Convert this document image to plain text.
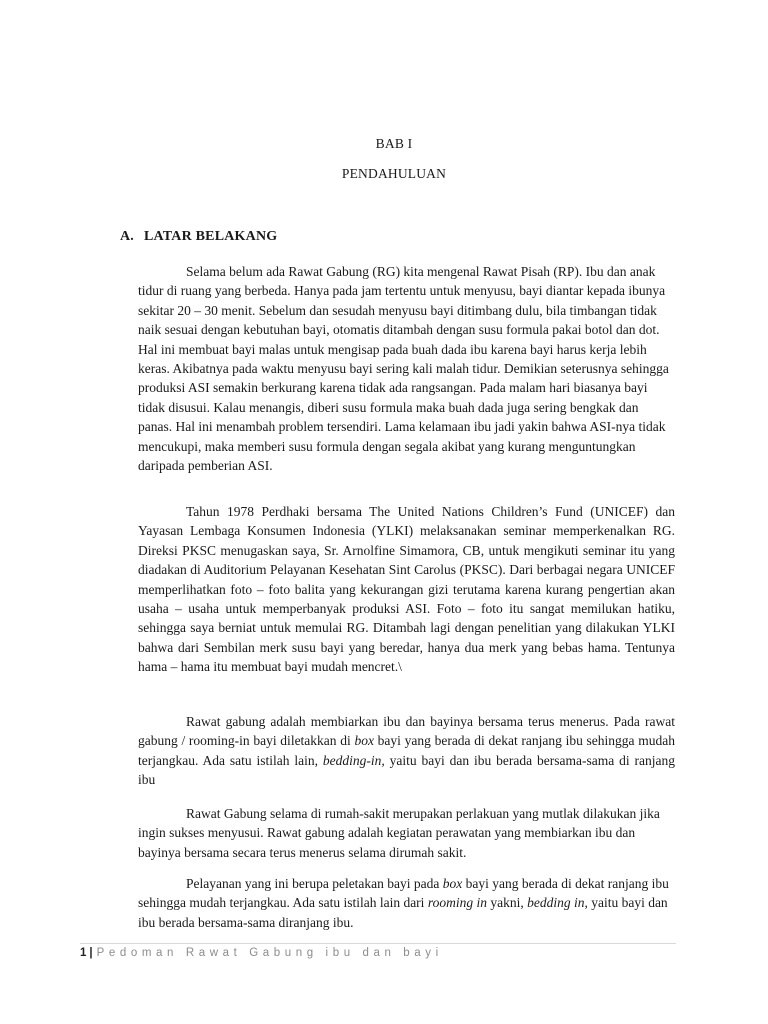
BAB I
PENDAHULUAN
A. LATAR BELAKANG

Selama belum ada Rawat Gabung (RG) kita mengenal Rawat Pisah (RP). Ibu dan anak tidur di ruang yang berbeda. Hanya pada jam tertentu untuk menyusu, bayi diantar kepada ibunya sekitar 20 – 30 menit. Sebelum dan sesudah menyusu bayi ditimbang dulu, bila timbangan tidak naik sesuai dengan kebutuhan bayi, otomatis ditambah dengan susu formula pakai botol dan dot. Hal ini membuat bayi malas untuk mengisap pada buah dada ibu karena bayi harus kerja lebih keras. Akibatnya pada waktu menyusu bayi sering kali malah tidur. Demikian seterusnya sehingga produksi ASI semakin berkurang karena tidak ada rangsangan. Pada malam hari biasanya bayi tidak disusui. Kalau menangis, diberi susu formula maka buah dada juga sering bengkak dan panas. Hal ini menambah problem tersendiri. Lama kelamaan ibu jadi yakin bahwa ASI-nya tidak mencukupi, maka memberi susu formula dengan segala akibat yang kurang menguntungkan daripada pemberian ASI.

Tahun 1978 Perdhaki bersama The United Nations Children’s Fund (UNICEF) dan Yayasan Lembaga Konsumen Indonesia (YLKI) melaksanakan seminar memperkenalkan RG. Direksi PKSC menugaskan saya, Sr. Arnolfine Simamora, CB, untuk mengikuti seminar itu yang diadakan di Auditorium Pelayanan Kesehatan Sint Carolus (PKSC). Dari berbagai negara UNICEF memperlihatkan foto – foto balita yang kekurangan gizi terutama karena kurang pengertian akan usaha – usaha untuk memperbanyak produksi ASI. Foto – foto itu sangat memilukan hatiku, sehingga saya berniat untuk memulai RG. Ditambah lagi dengan penelitian yang dilakukan YLKI bahwa dari Sembilan merk susu bayi yang beredar, hanya dua merk yang bebas hama. Tentunya hama – hama itu membuat bayi mudah mencret.\

Rawat gabung adalah membiarkan ibu dan bayinya bersama terus menerus. Pada rawat gabung / rooming-in bayi diletakkan di box bayi yang berada di dekat ranjang ibu sehingga mudah terjangkau. Ada satu istilah lain, bedding-in, yaitu bayi dan ibu berada bersama-sama di ranjang ibu

Rawat Gabung selama di rumah-sakit merupakan perlakuan yang mutlak dilakukan jika ingin sukses menyusui. Rawat gabung adalah kegiatan perawatan yang membiarkan ibu dan bayinya bersama secara terus menerus selama dirumah sakit.

Pelayanan yang ini berupa peletakan bayi pada box bayi yang berada di dekat ranjang ibu sehingga mudah terjangkau. Ada satu istilah lain dari rooming in yakni, bedding in, yaitu bayi dan ibu berada bersama-sama diranjang ibu.

1 | Pedoman Rawat Gabung ibu dan bayi
